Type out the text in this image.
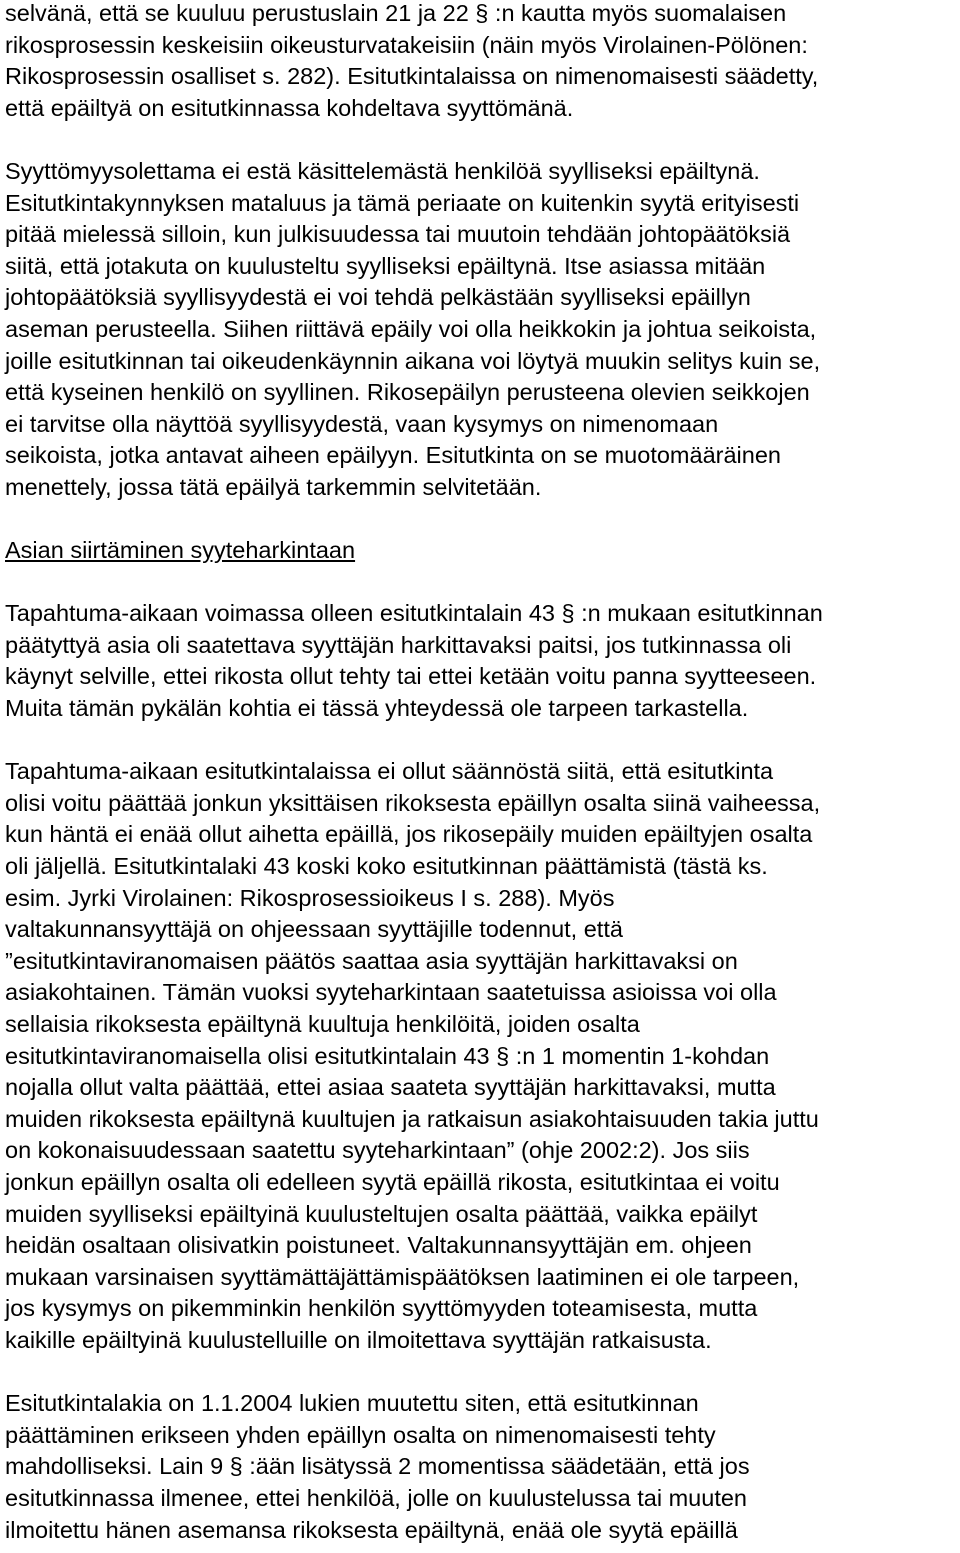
selvänä, että se kuuluu perustuslain 21 ja 22 § :n kautta myös suomalaisen
rikosprosessin keskeisiin oikeusturvatakeisiin (näin myös Virolainen-Pölönen:
Rikosprosessin osalliset s. 282). Esitutkintalaissa on nimenomaisesti säädetty,
että epäiltyä on esitutkinnassa kohdeltava syyttömänä.

Syyttömyysolettama ei estä käsittelemästä henkilöä syylliseksi epäiltynä.
Esitutkintakynnyksen mataluus ja tämä periaate on kuitenkin syytä erityisesti
pitää mielessä silloin, kun julkisuudessa tai muutoin tehdään johtopäätöksiä
siitä, että jotakuta on kuulusteltu syylliseksi epäiltynä. Itse asiassa mitään
johtopäätöksiä syyllisyydestä ei voi tehdä pelkästään syylliseksi epäillyn
aseman perusteella. Siihen riittävä epäily voi olla heikkokin ja johtua seikoista,
joille esitutkinnan tai oikeudenkäynnin aikana voi löytyä muukin selitys kuin se,
että kyseinen henkilö on syyllinen. Rikosepäilyn perusteena olevien seikkojen
ei tarvitse olla näyttöä syyllisyydestä, vaan kysymys on nimenomaan
seikoista, jotka antavat aiheen epäilyyn. Esitutkinta on se muotomääräinen
menettely, jossa tätä epäilyä tarkemmin selvitetään.

Asian siirtäminen syyteharkintaan

Tapahtuma-aikaan voimassa olleen esitutkintalain 43 § :n mukaan esitutkinnan
päätyttyä asia oli saatettava syyttäjän harkittavaksi paitsi, jos tutkinnassa oli
käynyt selville, ettei rikosta ollut tehty tai ettei ketään voitu panna syytteeseen.
Muita tämän pykälän kohtia ei tässä yhteydessä ole tarpeen tarkastella.

Tapahtuma-aikaan esitutkintalaissa ei ollut säännöstä siitä, että esitutkinta
olisi voitu päättää jonkun yksittäisen rikoksesta epäillyn osalta siinä vaiheessa,
kun häntä ei enää ollut aihetta epäillä, jos rikosepäily muiden epäiltyjen osalta
oli jäljellä. Esitutkintalaki 43 koski koko esitutkinnan päättämistä (tästä ks.
esim. Jyrki Virolainen: Rikosprosessioikeus I s. 288). Myös
valtakunnansyyttäjä on ohjeessaan syyttäjille todennut, että
”esitutkintaviranomaisen päätös saattaa asia syyttäjän harkittavaksi on
asiakohtainen. Tämän vuoksi syyteharkintaan saatetuissa asioissa voi olla
sellaisia rikoksesta epäiltynä kuultuja henkilöitä, joiden osalta
esitutkintaviranomaisella olisi esitutkintalain 43 § :n 1 momentin 1-kohdan
nojalla ollut valta päättää, ettei asiaa saateta syyttäjän harkittavaksi, mutta
muiden rikoksesta epäiltynä kuultujen ja ratkaisun asiakohtaisuuden takia juttu
on kokonaisuudessaan saatettu syyteharkintaan” (ohje 2002:2). Jos siis
jonkun epäillyn osalta oli edelleen syytä epäillä rikosta, esitutkintaa ei voitu
muiden syylliseksi epäiltyinä kuulusteltujen osalta päättää, vaikka epäilyt
heidän osaltaan olisivatkin poistuneet. Valtakunnansyyttäjän em. ohjeen
mukaan varsinaisen syyttämättäjättämispäätöksen laatiminen ei ole tarpeen,
jos kysymys on pikemminkin henkilön syyttömyyden toteamisesta, mutta
kaikille epäiltyinä kuulustelluille on ilmoitettava syyttäjän ratkaisusta.

Esitutkintalakia on 1.1.2004 lukien muutettu siten, että esitutkinnan
päättäminen erikseen yhden epäillyn osalta on nimenomaisesti tehty
mahdolliseksi. Lain 9 § :ään lisätyssä 2 momentissa säädetään, että jos
esitutkinnassa ilmenee, ettei henkilöä, jolle on kuulustelussa tai muuten
ilmoitettu hänen asemansa rikoksesta epäiltynä, enää ole syytä epäillä
